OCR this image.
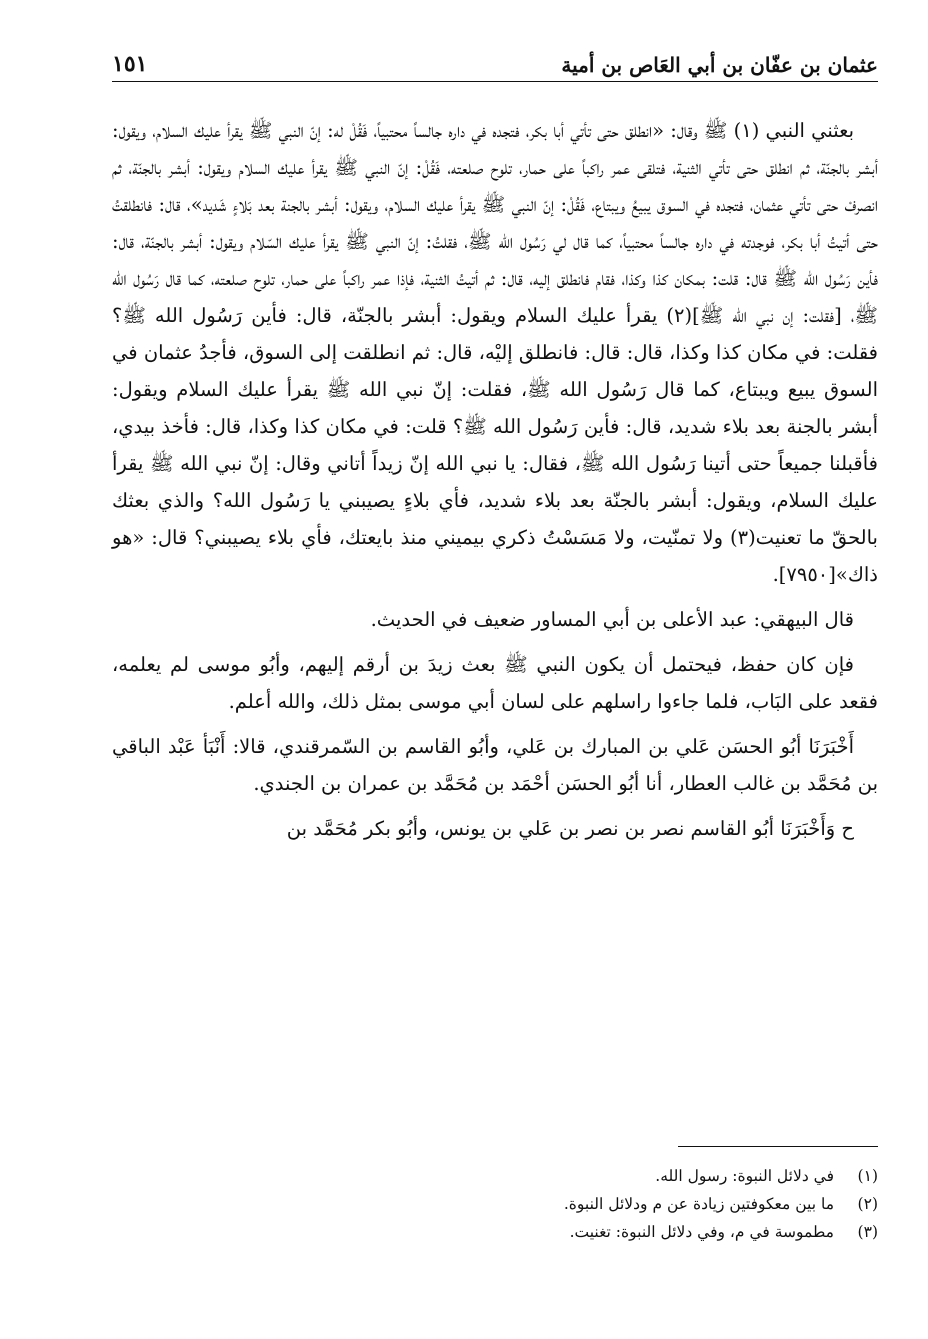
عثمان بن عفّان بن أبي العَاص بن أمية
١٥١

بعثني النبي (١) ﷺ وقال: «انطلق حتى تأتي أبا بكر، فتجده في داره جالساً محتبياً، فَقُلْ له: إنّ النبي ﷺ يقرأ عليك السلام، ويقول: أبشر بالجنّة، ثم انطلق حتى تأتي الثنية، فتلقى عمر راكباً على حمار، تلوح صلعته، فَقُلْ: إنّ النبي ﷺ يقرأ عليك السلام ويقول: أبشر بالجنّة، ثم انصرفْ حتى تأتي عثمان، فتجده في السوق يبيعُ ويبتاع، فَقُلْ: إنّ النبي ﷺ يقرأ عليك السلام، ويقول: أبشر بالجنة بعد بَلاءٍ شَديد»، قال: فانطلقتُ حتى أتيتُ أبا بكر، فوجدته في داره جالساً محتبياً، كما قال لي رَسُول الله ﷺ، فقلتُ: إنّ النبي ﷺ يقرأ عليك السّلام ويقول: أبشر بالجنّة، قال: فأين رَسُول الله ﷺ قال: قلت: بمكان كذا وكذا، فقام فانطلق إليه، قال: ثم أتيتُ الثنية، فإذا عمر راكباً على حمار، تلوح صلعته، كما قال رَسُول الله ﷺ، [فقلت: إن نبي الله ﷺ](٢) يقرأ عليك السلام ويقول: أبشر بالجنّة، قال: فأين رَسُول الله ﷺ؟ فقلت: في مكان كذا وكذا، قال: قال: فانطلق إليْه، قال: ثم انطلقت إلى السوق، فأجدُ عثمان في السوق يبيع ويبتاع، كما قال رَسُول الله ﷺ، فقلت: إنّ نبي الله ﷺ يقرأ عليك السلام ويقول: أبشر بالجنة بعد بلاء شديد، قال: فأين رَسُول الله ﷺ؟ قلت: في مكان كذا وكذا، قال: فأخذ بيدي، فأقبلنا جميعاً حتى أتينا رَسُول الله ﷺ، فقال: يا نبي الله إنّ زيداً أتاني وقال: إنّ نبي الله ﷺ يقرأ عليك السلام، ويقول: أبشر بالجنّة بعد بلاء شديد، فأي بلاءٍ يصيبني يا رَسُول الله؟ والذي بعثك بالحقّ ما تعنيت(٣) ولا تمنّيت، ولا مَسَسْتُ ذكري بيميني منذ بايعتك، فأي بلاء يصيبني؟ قال: «هو ذاك»[٧٩٥٠].

قال البيهقي: عبد الأعلى بن أبي المساور ضعيف في الحديث.

فإن كان حفظ، فيحتمل أن يكون النبي ﷺ بعث زيدَ بن أرقم إليهم، وأبُو موسى لم يعلمه، فقعد على البَاب، فلما جاءوا راسلهم على لسان أبي موسى بمثل ذلك، والله أعلم.

أَخْبَرَنَا أبُو الحسَن عَلي بن المبارك بن عَلي، وأبُو القاسم بن السّمرقندي، قالا: أَنْبَأ عَبْد الباقي بن مُحَمَّد بن غالب العطار، أنا أبُو الحسَن أحْمَد بن مُحَمَّد بن عمران بن الجندي.

ح وَأَخْبَرَنَا أبُو القاسم نصر بن نصر بن عَلي بن يونس، وأبُو بكر مُحَمَّد بن

(١)
في دلائل النبوة: رسول الله.
(٢)
ما بين معكوفتين زيادة عن م ودلائل النبوة.
(٣)
مطموسة في م، وفي دلائل النبوة: تغنيت.
